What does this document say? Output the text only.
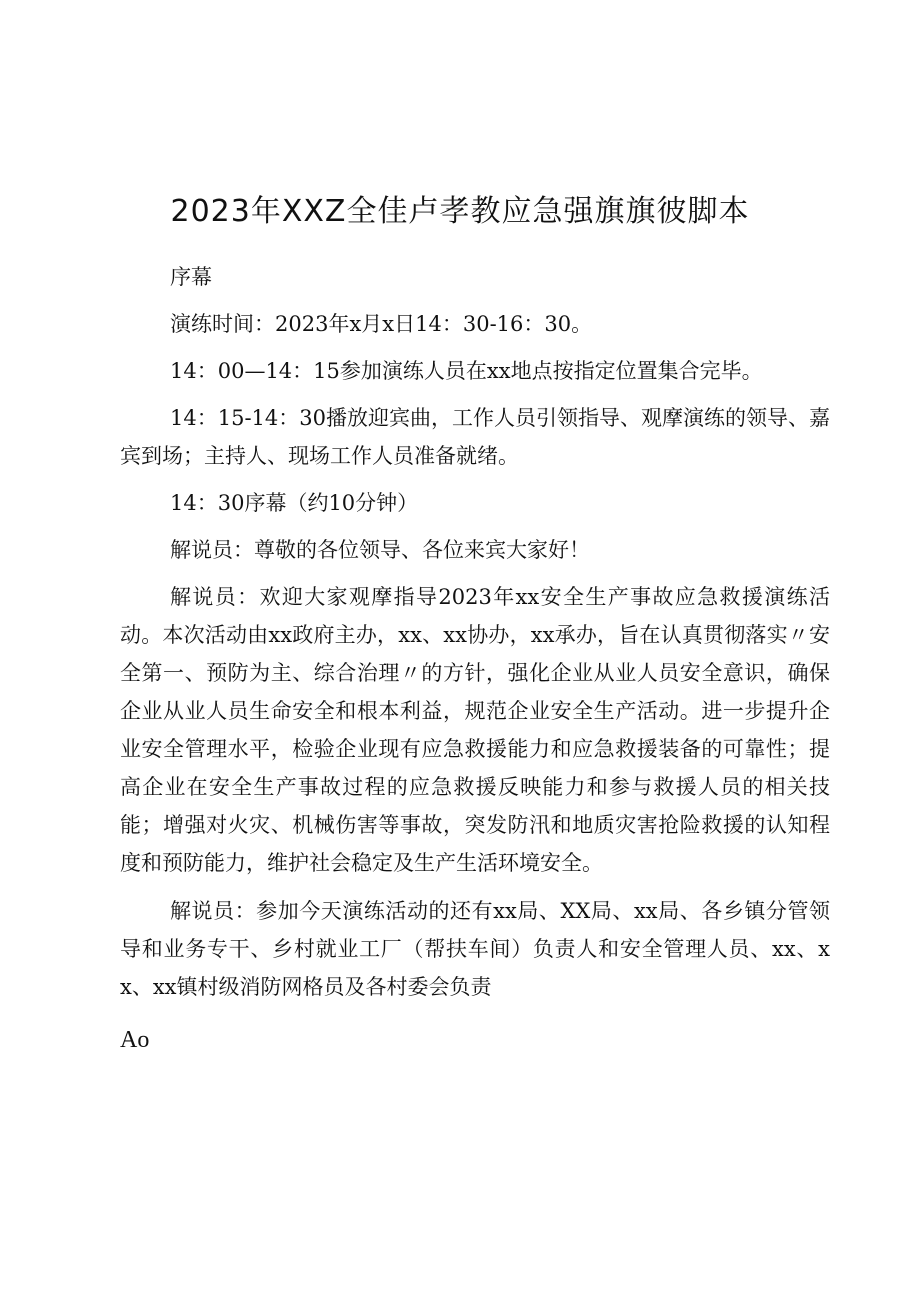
2023年XXZ全佳卢孝教应急强旗旗彼脚本

序幕

演练时间：2023年x月x日14：30-16：30。

14：00—14：15参加演练人员在xx地点按指定位置集合完毕。

14：15-14：30播放迎宾曲，工作人员引领指导、观摩演练的领导、嘉宾到场；主持人、现场工作人员准备就绪。

14：30序幕（约10分钟）

解说员：尊敬的各位领导、各位来宾大家好！

解说员：欢迎大家观摩指导2023年xx安全生产事故应急救援演练活动。本次活动由xx政府主办，xx、xx协办，xx承办，旨在认真贯彻落实〃安全第一、预防为主、综合治理〃的方针，强化企业从业人员安全意识，确保企业从业人员生命安全和根本利益，规范企业安全生产活动。进一步提升企业安全管理水平，检验企业现有应急救援能力和应急救援装备的可靠性；提高企业在安全生产事故过程的应急救援反映能力和参与救援人员的相关技能；增强对火灾、机械伤害等事故，突发防汛和地质灾害抢险救援的认知程度和预防能力，维护社会稳定及生产生活环境安全。

解说员：参加今天演练活动的还有xx局、XX局、xx局、各乡镇分管领导和业务专干、乡村就业工厂（帮扶车间）负责人和安全管理人员、xx、xx、xx镇村级消防网格员及各村委会负责

Ao
